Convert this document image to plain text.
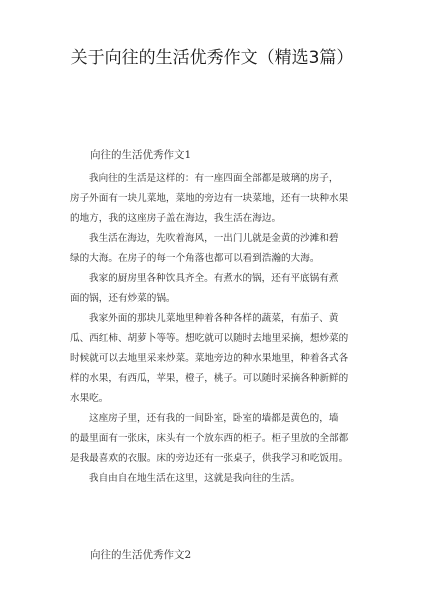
关于向往的生活优秀作文（精选3篇）
向往的生活优秀作文1

我向往的生活是这样的：有一座四面全部都是玻璃的房子，
房子外面有一块儿菜地，菜地的旁边有一块菜地，还有一块种水果
的地方，我的这座房子盖在海边，我生活在海边。

我生活在海边，先吹着海风，一出门儿就是金黄的沙滩和碧
绿的大海。在房子的每一个角落也都可以看到浩瀚的大海。

我家的厨房里各种饮具齐全。有煮水的锅，还有平底锅有煮
面的锅，还有炒菜的锅。

我家外面的那块儿菜地里种着各种各样的蔬菜，有茄子、黄
瓜、西红柿、胡萝卜等等。想吃就可以随时去地里采摘，想炒菜的
时候就可以去地里采来炒菜。菜地旁边的种水果地里，种着各式各
样的水果，有西瓜，苹果，橙子，桃子。可以随时采摘各种新鲜的
水果吃。

这座房子里，还有我的一间卧室，卧室的墙都是黄色的，墙
的最里面有一张床，床头有一个放东西的柜子。柜子里放的全部都
是我最喜欢的衣服。床的旁边还有一张桌子，供我学习和吃饭用。

我自由自在地生活在这里，这就是我向往的生活。

向往的生活优秀作文2
